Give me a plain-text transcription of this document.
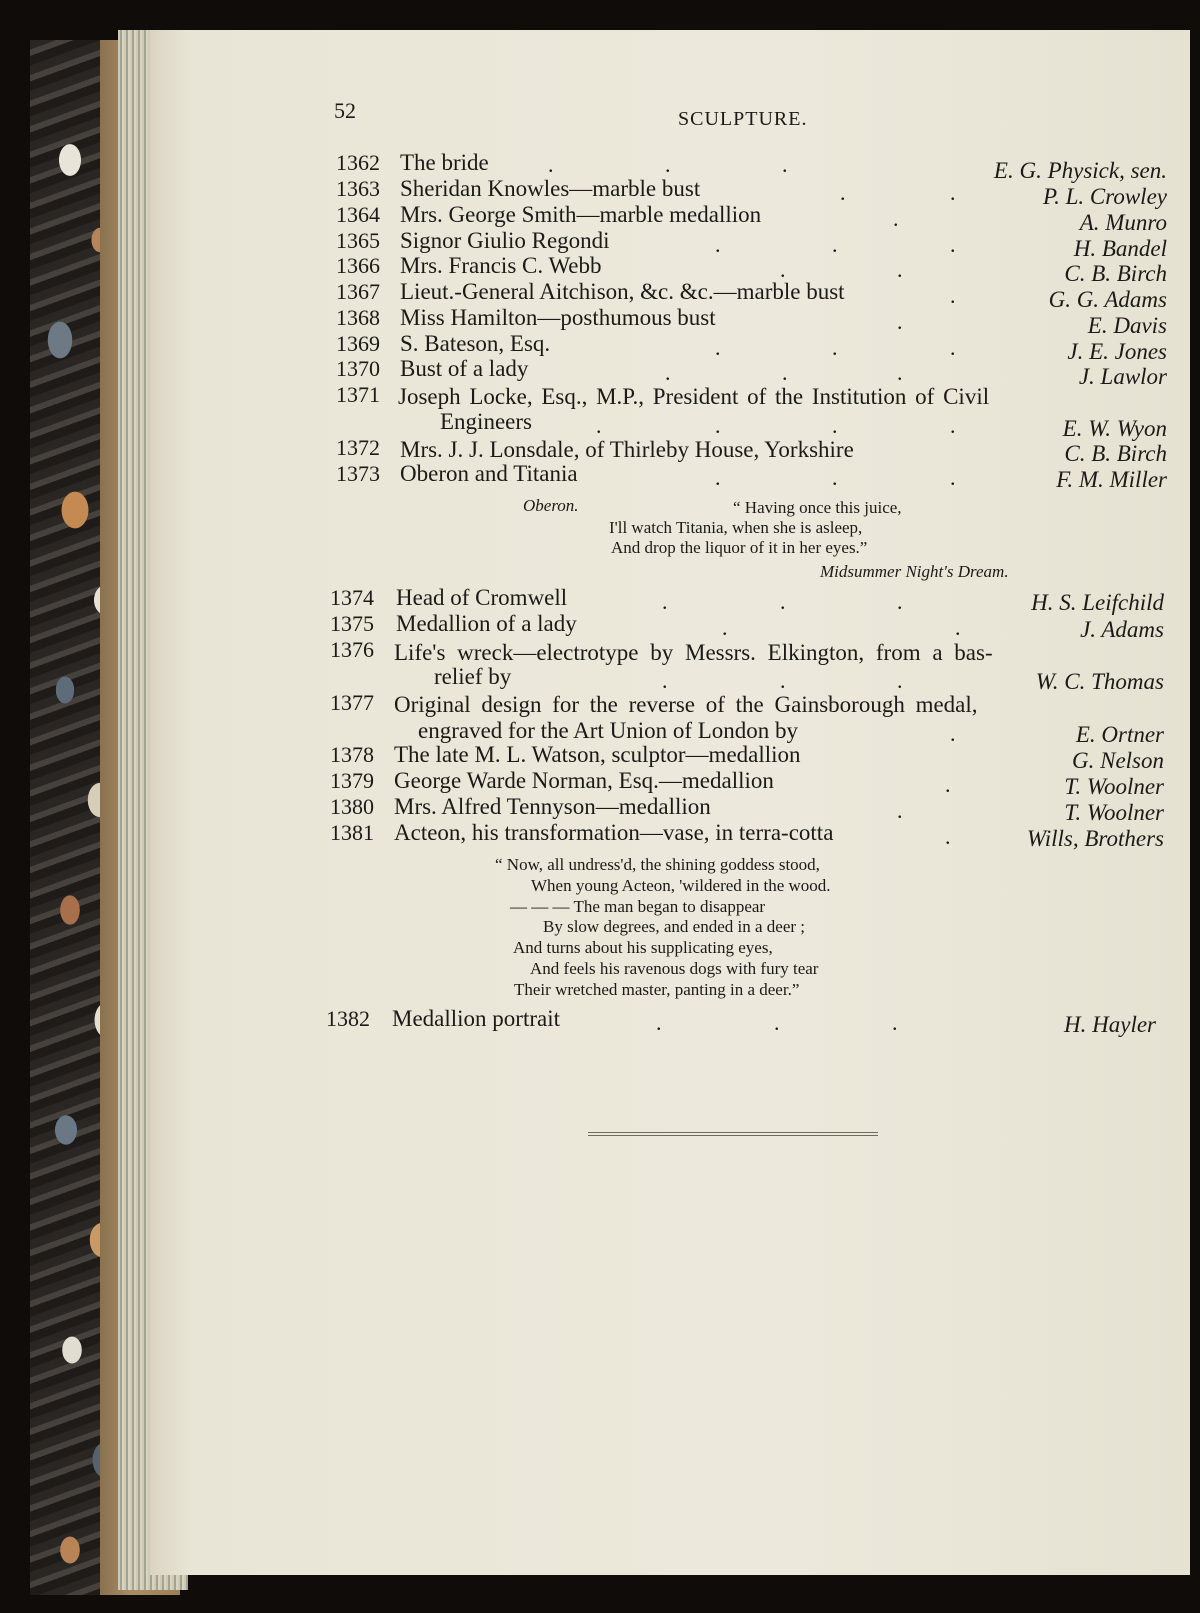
52	SCULPTURE.
1362 The bride	E. G. Physick, sen.
1363 Sheridan Knowles—marble bust	P. L. Crowley
1364 Mrs. George Smith—marble medallion	A. Munro
1365 Signor Giulio Regondi	H. Bandel
1366 Mrs. Francis C. Webb	C. B. Birch
1367 Lieut.-General Aitchison, &c. &c.—marble bust	G. G. Adams
1368 Miss Hamilton—posthumous bust	E. Davis
1369 S. Bateson, Esq.	J. E. Jones
1370 Bust of a lady	J. Lawlor
1371 Joseph Locke, Esq., M.P., President of the Institution of Civil
Engineers	E. W. Wyon
1372 Mrs. J. J. Lonsdale, of Thirleby House, Yorkshire	C. B. Birch
1373 Oberon and Titania	F. M. Miller
Oberon.	“ Having once this juice,
I'll watch Titania, when she is asleep,
And drop the liquor of it in her eyes.”
Midsummer Night's Dream.
1374 Head of Cromwell	H. S. Leifchild
1375 Medallion of a lady	J. Adams
1376 Life's wreck—electrotype by Messrs. Elkington, from a bas-
relief by	W. C. Thomas
1377 Original design for the reverse of the Gainsborough medal,
engraved for the Art Union of London by	E. Ortner
1378 The late M. L. Watson, sculptor—medallion	G. Nelson
1379 George Warde Norman, Esq.—medallion	T. Woolner
1380 Mrs. Alfred Tennyson—medallion	T. Woolner
1381 Acteon, his transformation—vase, in terra-cotta	Wills, Brothers
“ Now, all undress'd, the shining goddess stood,
When young Acteon, 'wildered in the wood.
— — — The man began to disappear
By slow degrees, and ended in a deer ;
And turns about his supplicating eyes,
And feels his ravenous dogs with fury tear
Their wretched master, panting in a deer.”
1382 Medallion portrait	H. Hayler
.	.	.
.	.
.
.	.	.
.	.
.
.
.	.	.
.	.	.
.	.	.	.
.	.	.
.	.	.
.	.
.	.	.
.
.
.
.
.	.	.
